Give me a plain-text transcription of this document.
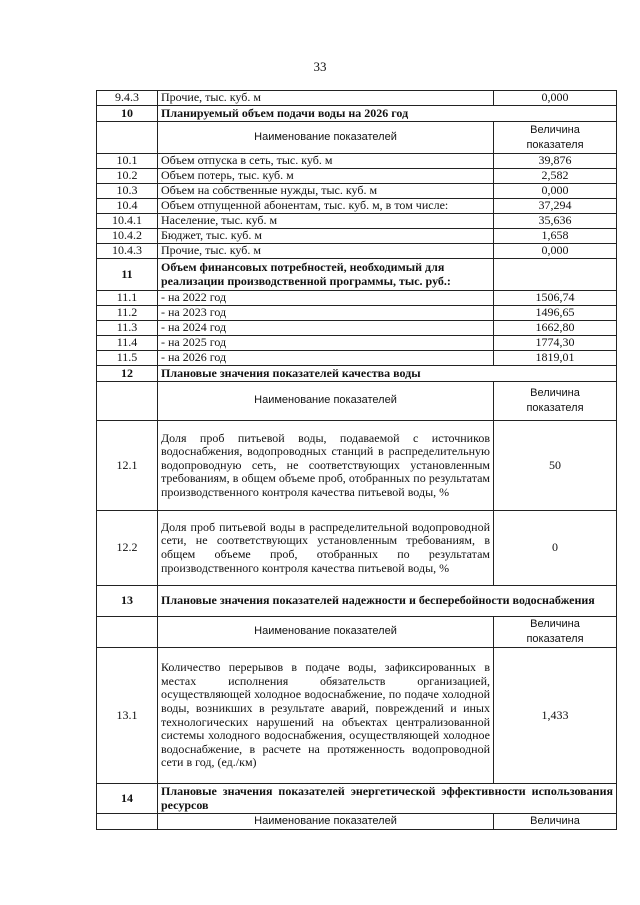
33
9.4.3	Прочие, тыс. куб. м	0,000
10	Планируемый объем подачи воды на 2026 год	
	Наименование показателей	Величина
показателя
10.1	Объем отпуска в сеть, тыс. куб. м	39,876
10.2	Объем потерь, тыс. куб. м	2,582
10.3	Объем на собственные нужды, тыс. куб. м	0,000
10.4	Объем отпущенной абонентам, тыс. куб. м, в том числе:	37,294
10.4.1	Население, тыс. куб. м	35,636
10.4.2	Бюджет, тыс. куб. м	1,658
10.4.3	Прочие, тыс. куб. м	0,000
11	Объем финансовых потребностей, необходимый для реализации производственной программы, тыс. руб.:	
11.1	- на 2022 год	1506,74
11.2	- на 2023 год	1496,65
11.3	- на 2024 год	1662,80
11.4	- на 2025 год	1774,30
11.5	- на 2026 год	1819,01
12	Плановые значения показателей качества воды	
	Наименование показателей	Величина
показателя
12.1	Доля проб питьевой воды, подаваемой с источников водоснабжения, водопроводных станций в распределительную водопроводную сеть, не соответствующих установленным требованиям, в общем объеме проб, отобранных по результатам производственного контроля качества питьевой воды, %	50
12.2	Доля проб питьевой воды в распределительной водопроводной сети, не соответствующих установленным требованиям, в общем объеме проб, отобранных по результатам производственного контроля качества питьевой воды, %	0
13	Плановые значения показателей надежности и бесперебойности водоснабжения	
	Наименование показателей	Величина
показателя
13.1	Количество перерывов в подаче воды, зафиксированных в местах исполнения обязательств организацией, осуществляющей холодное водоснабжение, по подаче холодной воды, возникших в результате аварий, повреждений и иных технологических нарушений на объектах централизованной системы холодного водоснабжения, осуществляющей холодное водоснабжение, в расчете на протяженность водопроводной сети в год, (ед./км)	1,433
14	Плановые значения показателей энергетической эффективности использования ресурсов	
	Наименование показателей	Величина
